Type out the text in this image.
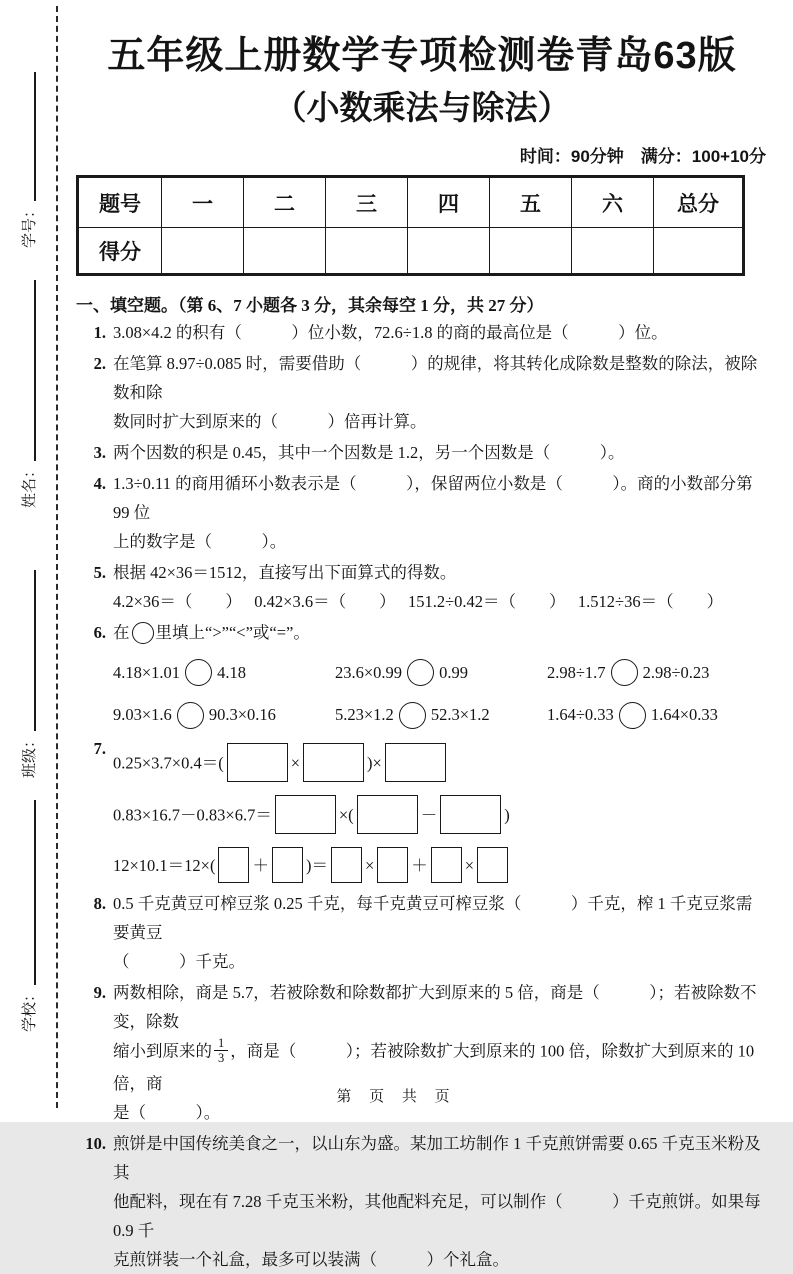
学号：
姓名：
班级：
学校：
五年级上册数学专项检测卷青岛63版
（小数乘法与除法）
时间：90分钟　满分：100+10分
题号	一	二	三	四	五	六	总分
得分							
一、填空题。（第 6、7 小题各 3 分，其余每空 1 分，共 27 分）
1. 3.08×4.2 的积有（　　　）位小数，72.6÷1.8 的商的最高位是（　　　）位。
2. 在笔算 8.97÷0.085 时，需要借助（　　　）的规律，将其转化成除数是整数的除法，被除数和除
数同时扩大到原来的（　　　）倍再计算。
3. 两个因数的积是 0.45，其中一个因数是 1.2，另一个因数是（　　　）。
4. 1.3÷0.11 的商用循环小数表示是（　　　），保留两位小数是（　　　）。商的小数部分第 99 位
上的数字是（　　　）。
5. 根据 42×36＝1512，直接写出下面算式的得数。
4.2×36＝（　　）　 0.42×3.6＝（　　）　 151.2÷0.42＝（　　）　 1.512÷36＝（　　）
6. 在 里填上“>”“<”或“=”。
4.18×1.01 4.18	23.6×0.99 0.99	2.98÷1.7 2.98÷0.23
9.03×1.6 90.3×0.16	5.23×1.2 52.3×1.2	1.64÷0.33 1.64×0.33
7.
0.25×3.7×0.4＝(	×	)×
0.83×16.7－0.83×6.7＝	×(	－	)
12×10.1＝12×( ＋ )＝ × ＋ ×
8. 0.5 千克黄豆可榨豆浆 0.25 千克，每千克黄豆可榨豆浆（　　　）千克，榨 1 千克豆浆需要黄豆
（　　　）千克。
9. 两数相除，商是 5.7，若被除数和除数都扩大到原来的 5 倍，商是（　　　）；若被除数不变，除数
缩小到原来的 $\frac{1}{3}$ ，商是（　　　）；若被除数扩大到原来的 100 倍，除数扩大到原来的 10 倍，商
是（　　　）。
10. 煎饼是中国传统美食之一，以山东为盛。某加工坊制作 1 千克煎饼需要 0.65 千克玉米粉及其
他配料，现在有 7.28 千克玉米粉，其他配料充足，可以制作（　　　）千克煎饼。如果每 0.9 千
克煎饼装一个礼盒，最多可以装满（　　　）个礼盒。
第 页 共 页
